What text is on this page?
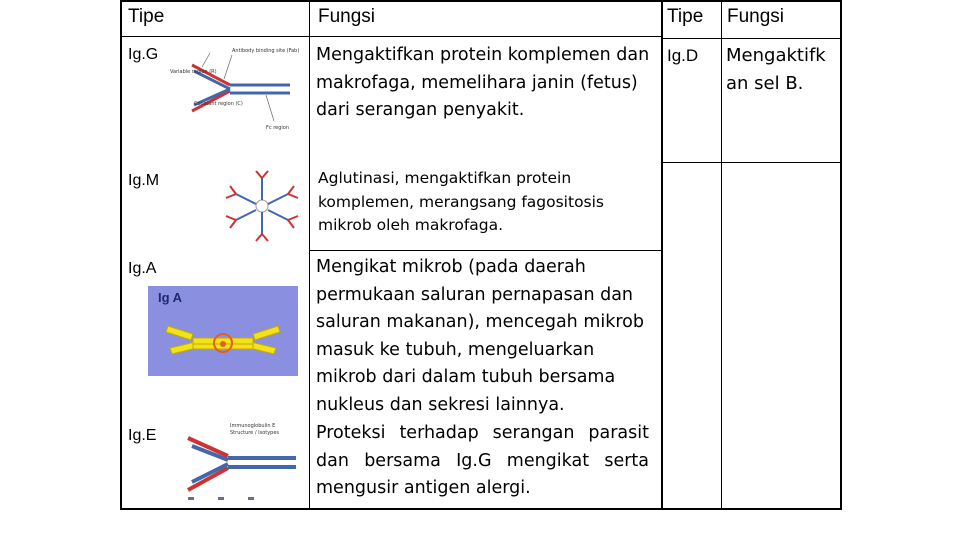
Tipe	Fungsi	Tipe Fungsi
Ig.G
Ig.M
Ig.A
Ig.E
Ig.D
Mengaktifkan protein komplemen dan
makrofaga, memelihara janin (fetus)
dari serangan penyakit.
Aglutinasi, mengaktifkan protein
komplemen, merangsang fagositosis
mikrob oleh makrofaga.
Mengikat mikrob (pada daerah
permukaan saluran pernapasan dan
saluran makanan), mencegah mikrob
masuk ke tubuh, mengeluarkan
mikrob dari dalam tubuh bersama
nukleus dan sekresi lainnya.
Proteksi terhadap serangan parasit
dan bersama Ig.G mengikat serta
mengusir antigen alergi.
Mengaktifk
an sel B.
Antibody binding site (Fab)
Variable region (R)
Constant region (C)
Fc region
Ig A
Immunoglobulin E
Structure / Isotypes
